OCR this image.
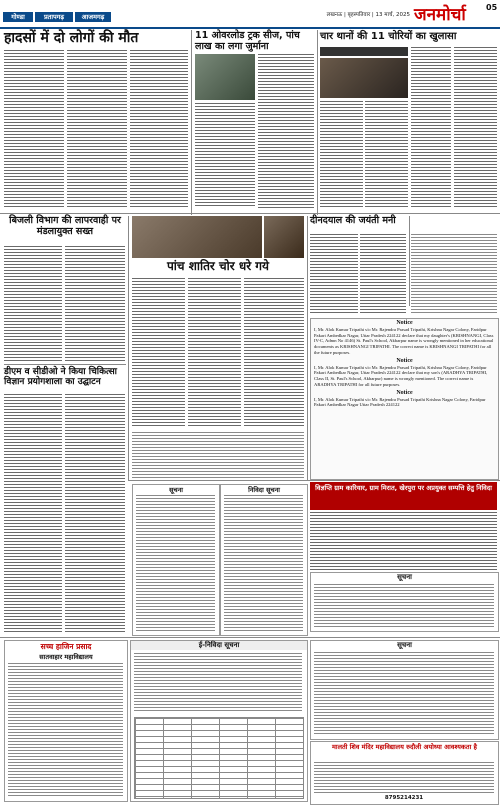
गोण्डा	प्रतापगढ़	आजमगढ़	लखनऊ | बृहस्पतिवार | 13 मार्च, 2025 जनमोर्चा	05
हादसों में दो लोगों की मौत	11 ओवरलोड ट्रक सीज, पांच लाख का लगा जुर्माना
चार थानों की 11 चोरियों का खुलासा
बिजली विभाग की लापरवाही पर मंडलायुक्त सख्त
डीएम व सीडीओ ने किया चिकित्सा विज्ञान प्रयोगशाला का उद्घाटन
पांच शातिर चोर धरे गये
दीनदयाल की जयंती मनी
Notice
I, Mr. Alok Kumar Tripathi s/o Mr. Rajendra Prasad Tripathi, Krishna Nagar Colony, Faridpur Pakari Ambedkar Nagar, Uttar Pradesh 224122 declare that my daughter's (KRISHNANGI, Class IV-C, Admn No 4146) St. Paul's School, Akbarpur name is wrongly mentioned in her educational documents as KRISHNANGI TRIPATHI. The correct name is KRISHNANGI TRIPATHI for all the future purposes.
Notice
I, Mr. Alok Kumar Tripathi s/o Mr. Rajendra Prasad Tripathi, Krishna Nagar Colony, Faridpur Pakari Ambedkar Nagar, Uttar Pradesh 224122 declare that my son's (ARADHYA TRIPATHI, Class II, St. Paul's School, Akbarpur) name is wrongly mentioned. The correct name is ARADHYA TRIPATHI for all future purposes.
Notice
I, Mr. Alok Kumar Tripathi s/o Mr. Rajendra Prasad Tripathi Krishna Nagar Colony, Faridpur Pakari Ambedkar Nagar Uttar Pradesh 224122
विज्ञप्ति ग्राम कारियार, ग्राम मिरात, खेरपुरा पर अप्रयुक्त सम्पत्ति हेतु निविदा
सूचना
सूचना	निविदा सूचना
सच्च हाजिन प्रसाद
सातवाहार महाविद्यालय
ई-निविदा सूचना	सूचना
मालती शिव मंदिर महाविद्यालय रुदौली अयोध्या आवश्यकता है
8795214231
